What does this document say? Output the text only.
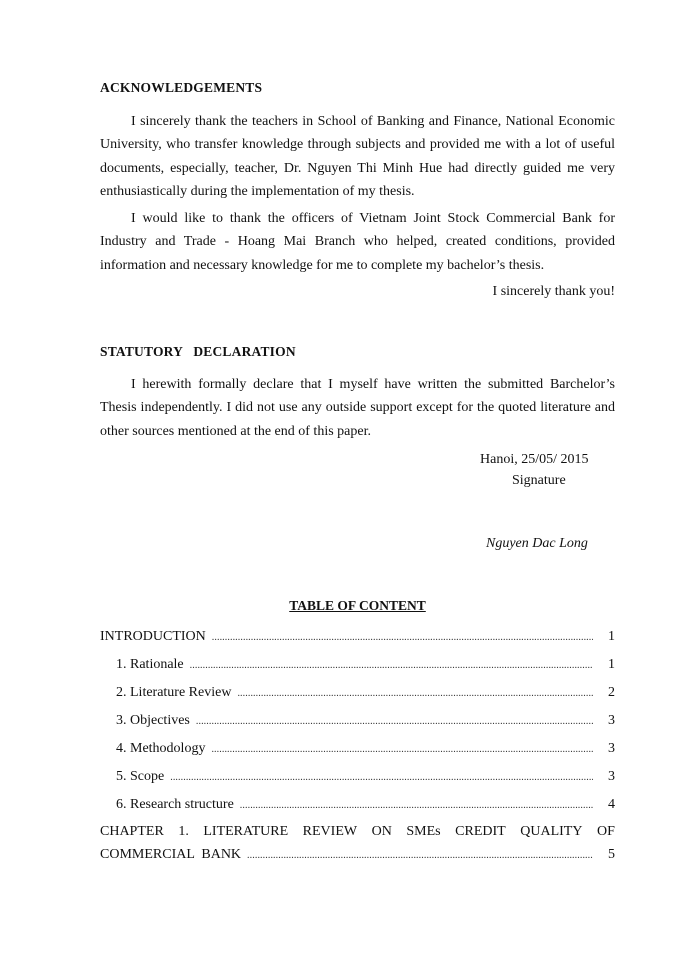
ACKNOWLEDGEMENTS
I sincerely thank the teachers in School of Banking and Finance, National Economic University, who transfer knowledge through subjects and provided me with a lot of useful documents, especially, teacher, Dr. Nguyen Thi Minh Hue had directly guided me very enthusiastically during the implementation of my thesis.
I would like to thank the officers of Vietnam Joint Stock Commercial Bank for Industry and Trade - Hoang Mai Branch who helped, created conditions, provided information and necessary knowledge for me to complete my bachelor’s thesis.
I sincerely thank you!
STATUTORY   DECLARATION
I herewith formally declare that I myself have written the submitted Barchelor’s Thesis independently. I did not use any outside support except for the quoted literature and other sources mentioned at the end of this paper.
Hanoi, 25/05/ 2015
Signature
Nguyen Dac Long
TABLE OF CONTENT
INTRODUCTION . . .	1
1. Rationale . . .	1
2. Literature Review . . .	2
3. Objectives . . .	3
4. Methodology . . .	3
5. Scope . . .	3
6. Research structure . . .	4
CHAPTER 1. LITERATURE REVIEW ON SMEs CREDIT QUALITY OF
COMMERCIAL  BANK . . .	5
